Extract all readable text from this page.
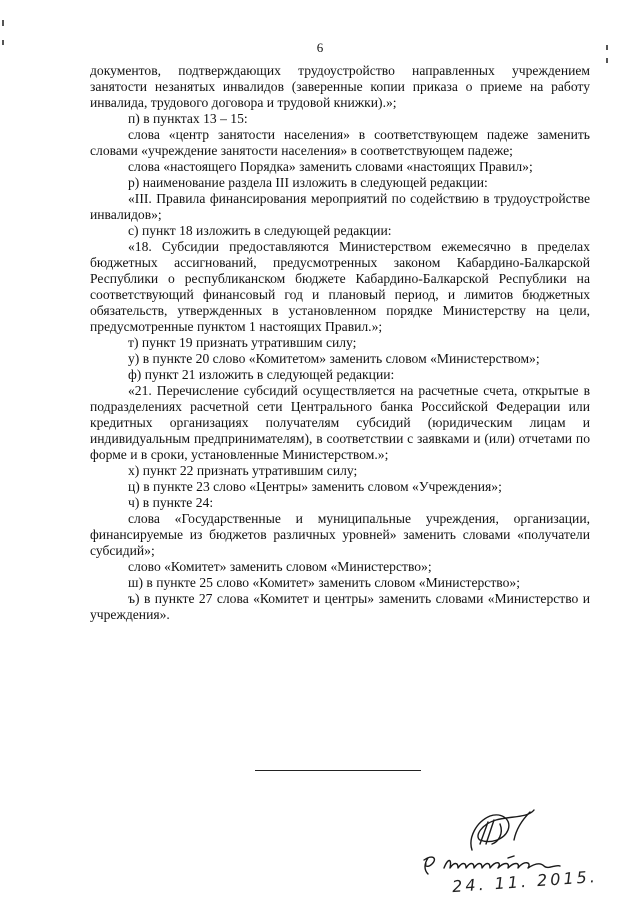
6

документов, подтверждающих трудоустройство направленных учреждением занятости незанятых инвалидов (заверенные копии приказа о приеме на работу инвалида, трудового договора и трудовой книжки).»;

п) в пунктах 13 – 15:

слова «центр занятости населения» в соответствующем падеже заменить словами «учреждение занятости населения» в соответствующем падеже;

слова «настоящего Порядка» заменить словами «настоящих Правил»;

р) наименование раздела III изложить в следующей редакции:

«III. Правила финансирования мероприятий по содействию в трудоустройстве инвалидов»;

с) пункт 18 изложить в следующей редакции:

«18. Субсидии предоставляются Министерством ежемесячно в пределах бюджетных ассигнований, предусмотренных законом Кабардино-Балкарской Республики о республиканском бюджете Кабардино-Балкарской Республики на соответствующий финансовый год и плановый период, и лимитов бюджетных обязательств, утвержденных в установленном порядке Министерству на цели, предусмотренные пунктом 1 настоящих Правил.»;

т) пункт 19 признать утратившим силу;

у) в пункте 20 слово «Комитетом» заменить словом «Министерством»;

ф) пункт 21 изложить в следующей редакции:

«21. Перечисление субсидий осуществляется на расчетные счета, открытые в подразделениях расчетной сети Центрального банка Российской Федерации или кредитных организациях получателям субсидий (юридическим лицам и индивидуальным предпринимателям), в соответствии с заявками и (или) отчетами по форме и в сроки, установленные Министерством.»;

х) пункт 22 признать утратившим силу;

ц) в пункте 23 слово «Центры» заменить словом «Учреждения»;

ч) в пункте 24:

слова «Государственные и муниципальные учреждения, организации, финансируемые из бюджетов различных уровней» заменить словами «получатели субсидий»;

слово «Комитет» заменить словом «Министерство»;

ш) в пункте 25 слово «Комитет» заменить словом «Министерство»;

ъ) в пункте 27 слова «Комитет и центры» заменить словами «Министерство и учреждения».

24. 11. 2015.
